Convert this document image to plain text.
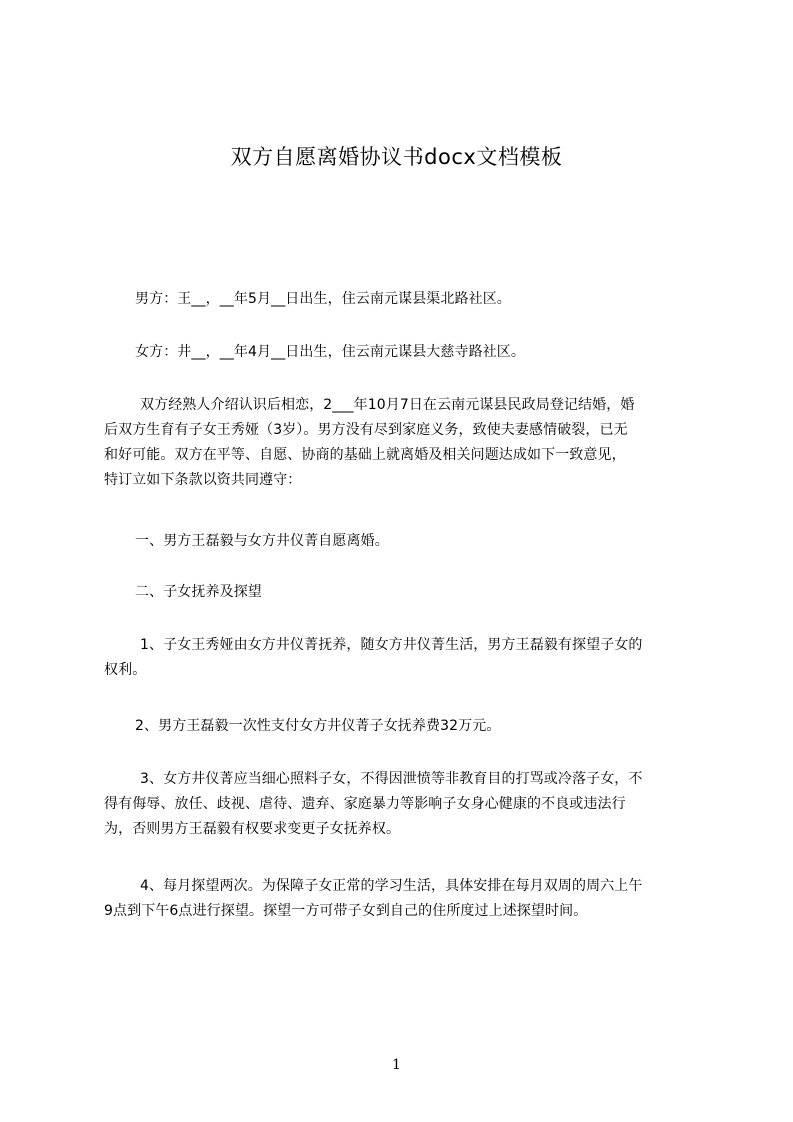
双方自愿离婚协议书docx文档模板
男方：王__，__年5月__日出生，住云南元谋县渠北路社区。
女方：井__，__年4月__日出生，住云南元谋县大慈寺路社区。
双方经熟人介绍认识后相恋，2___年10月7日在云南元谋县民政局登记结婚，婚
后双方生育有子女王秀娅（3岁）。男方没有尽到家庭义务，致使夫妻感情破裂，已无
和好可能。双方在平等、自愿、协商的基础上就离婚及相关问题达成如下一致意见，
特订立如下条款以资共同遵守：
一、男方王磊毅与女方井仪菁自愿离婚。
二、子女抚养及探望
1、子女王秀娅由女方井仪菁抚养，随女方井仪菁生活，男方王磊毅有探望子女的
权利。
2、男方王磊毅一次性支付女方井仪菁子女抚养费32万元。
3、女方井仪菁应当细心照料子女，不得因泄愤等非教育目的打骂或冷落子女，不
得有侮辱、放任、歧视、虐待、遗弃、家庭暴力等影响子女身心健康的不良或违法行
为，否则男方王磊毅有权要求变更子女抚养权。
4、每月探望两次。为保障子女正常的学习生活，具体安排在每月双周的周六上午
9点到下午6点进行探望。探望一方可带子女到自己的住所度过上述探望时间。
1
